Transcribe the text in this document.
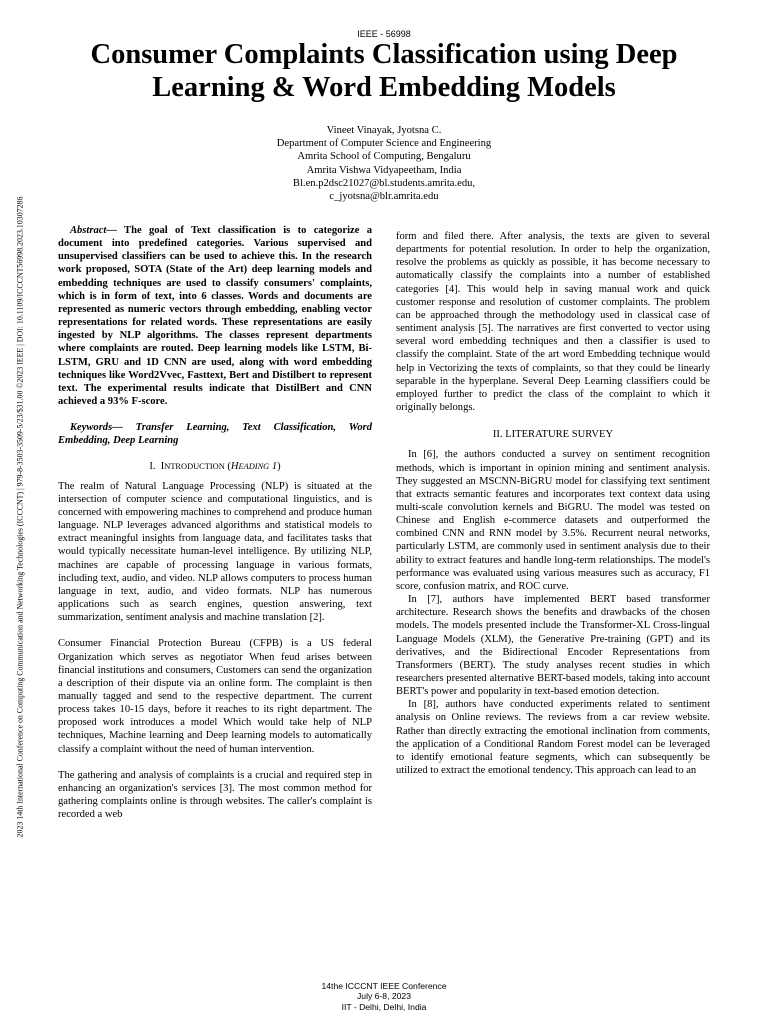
IEEE - 56998
Consumer Complaints Classification using Deep
Learning & Word Embedding Models
Vineet Vinayak, Jyotsna C.
Department of Computer Science and Engineering
Amrita School of Computing, Bengaluru
Amrita Vishwa Vidyapeetham, India
Bl.en.p2dsc21027@bl.students.amrita.edu,
c_jyotsna@blr.amrita.edu
2023 14th International Conference on Computing Communication and Networking Technologies (ICCCNT) | 979-8-3503-3509-5/23/$31.00 ©2023 IEEE | DOI: 10.1109/ICCCNT56998.2023.10307286	Abstract— The goal of Text classification is to categorize a document into predefined categories. Various supervised and unsupervised classifiers can be used to achieve this. In the research work proposed, SOTA (State of the Art) deep learning models and embedding techniques are used to classify consumers' complaints, which is in form of text, into 6 classes. Words and documents are represented as numeric vectors through embedding, enabling vector representations for related words. These representations are easily ingested by NLP algorithms. The classes represent departments where complaints are routed. Deep learning models like LSTM, Bi-LSTM, GRU and 1D CNN are used, along with word embedding techniques like Word2Vvec, Fasttext, Bert and Distilbert to represent text. The experimental results indicate that DistilBert and CNN achieved a 93% F-score.

Keywords— Transfer Learning, Text Classification, Word Embedding, Deep Learning

I. INTRODUCTION (HEADING 1)

The realm of Natural Language Processing (NLP) is situated at the intersection of computer science and computational linguistics, and is concerned with empowering machines to comprehend and produce human language. NLP leverages advanced algorithms and statistical models to extract meaningful insights from language data, and facilitates tasks that would typically necessitate human-level intelligence. By utilizing NLP, machines are capable of processing language in various formats, including text, audio, and video. NLP allows computers to process human language in text, audio, and video formats. NLP has numerous applications such as search engines, question answering, text summarization, sentiment analysis and machine translation [2].

Consumer Financial Protection Bureau (CFPB) is a US federal Organization which serves as negotiator When feud arises between financial institutions and consumers, Customers can send the organization a description of their dispute via an online form. The complaint is then manually tagged and send to the respective department. The current process takes 10-15 days, before it reaches to its right department. The proposed work introduces a model Which would take help of NLP techniques, Machine learning and Deep learning models to automatically classify a complaint without the need of human intervention.

The gathering and analysis of complaints is a crucial and required step in enhancing an organization's services [3]. The most common method for gathering complaints online is through websites. The caller's complaint is recorded a web

form and filed there. After analysis, the texts are given to several departments for potential resolution. In order to help the organization, resolve the problems as quickly as possible, it has become necessary to automatically classify the complaints into a number of established categories [4]. This would help in saving manual work and quick customer response and resolution of customer complaints. The problem can be approached through the methodology used in classical case of sentiment analysis [5]. The narratives are first converted to vector using several word embedding techniques and then a classifier is used to classify the complaint. State of the art word Embedding technique would help in Vectorizing the texts of complaints, so that they could be linearly separable in the hyperplane. Several Deep Learning classifiers could be employed further to predict the class of the complaint to which it originally belongs.

II. LITERATURE SURVEY

In [6], the authors conducted a survey on sentiment recognition methods, which is important in opinion mining and sentiment analysis. They suggested an MSCNN-BiGRU model for classifying text sentiment that extracts semantic features and incorporates text context data using multi-scale convolution kernels and BiGRU. The model was tested on Chinese and English e-commerce datasets and outperformed the combined CNN and RNN model by 3.5%. Recurrent neural networks, particularly LSTM, are commonly used in sentiment analysis due to their ability to extract features and handle long-term relationships. The model's performance was evaluated using various measures such as accuracy, F1 score, confusion matrix, and ROC curve.

In [7], authors have implemented BERT based transformer architecture. Research shows the benefits and drawbacks of the chosen models. The models presented include the Transformer-XL Cross-lingual Language Models (XLM), the Generative Pre-training (GPT) and its derivatives, and the Bidirectional Encoder Representations from Transformers (BERT). The study analyses recent studies in which researchers presented alternative BERT-based models, taking into account BERT's power and popularity in text-based emotion detection.

In [8], authors have conducted experiments related to sentiment analysis on Online reviews. The reviews from a car review website. Rather than directly extracting the emotional inclination from comments, the application of a Conditional Random Forest model can be leveraged to identify emotional feature segments, which can subsequently be utilized to extract the emotional tendency. This approach can lead to an

14the ICCCNT IEEE Conference
July 6-8, 2023
IIT - Delhi, Delhi, India
